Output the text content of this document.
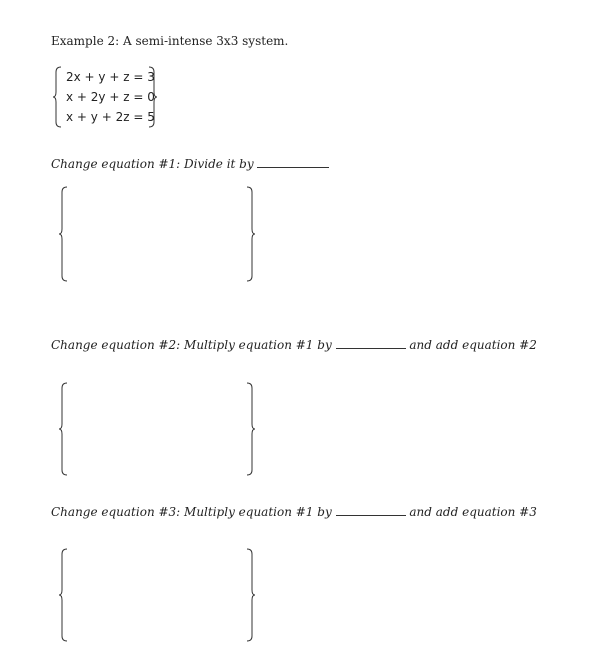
Example 2: A semi-intense 3x3 system.
2x + y + z = 3
x + 2y + z = 0
x + y + 2z = 5
Change equation #1: Divide it by
Change equation #2: Multiply equation #1 by	and add equation #2
Change equation #3: Multiply equation #1 by	and add equation #3
